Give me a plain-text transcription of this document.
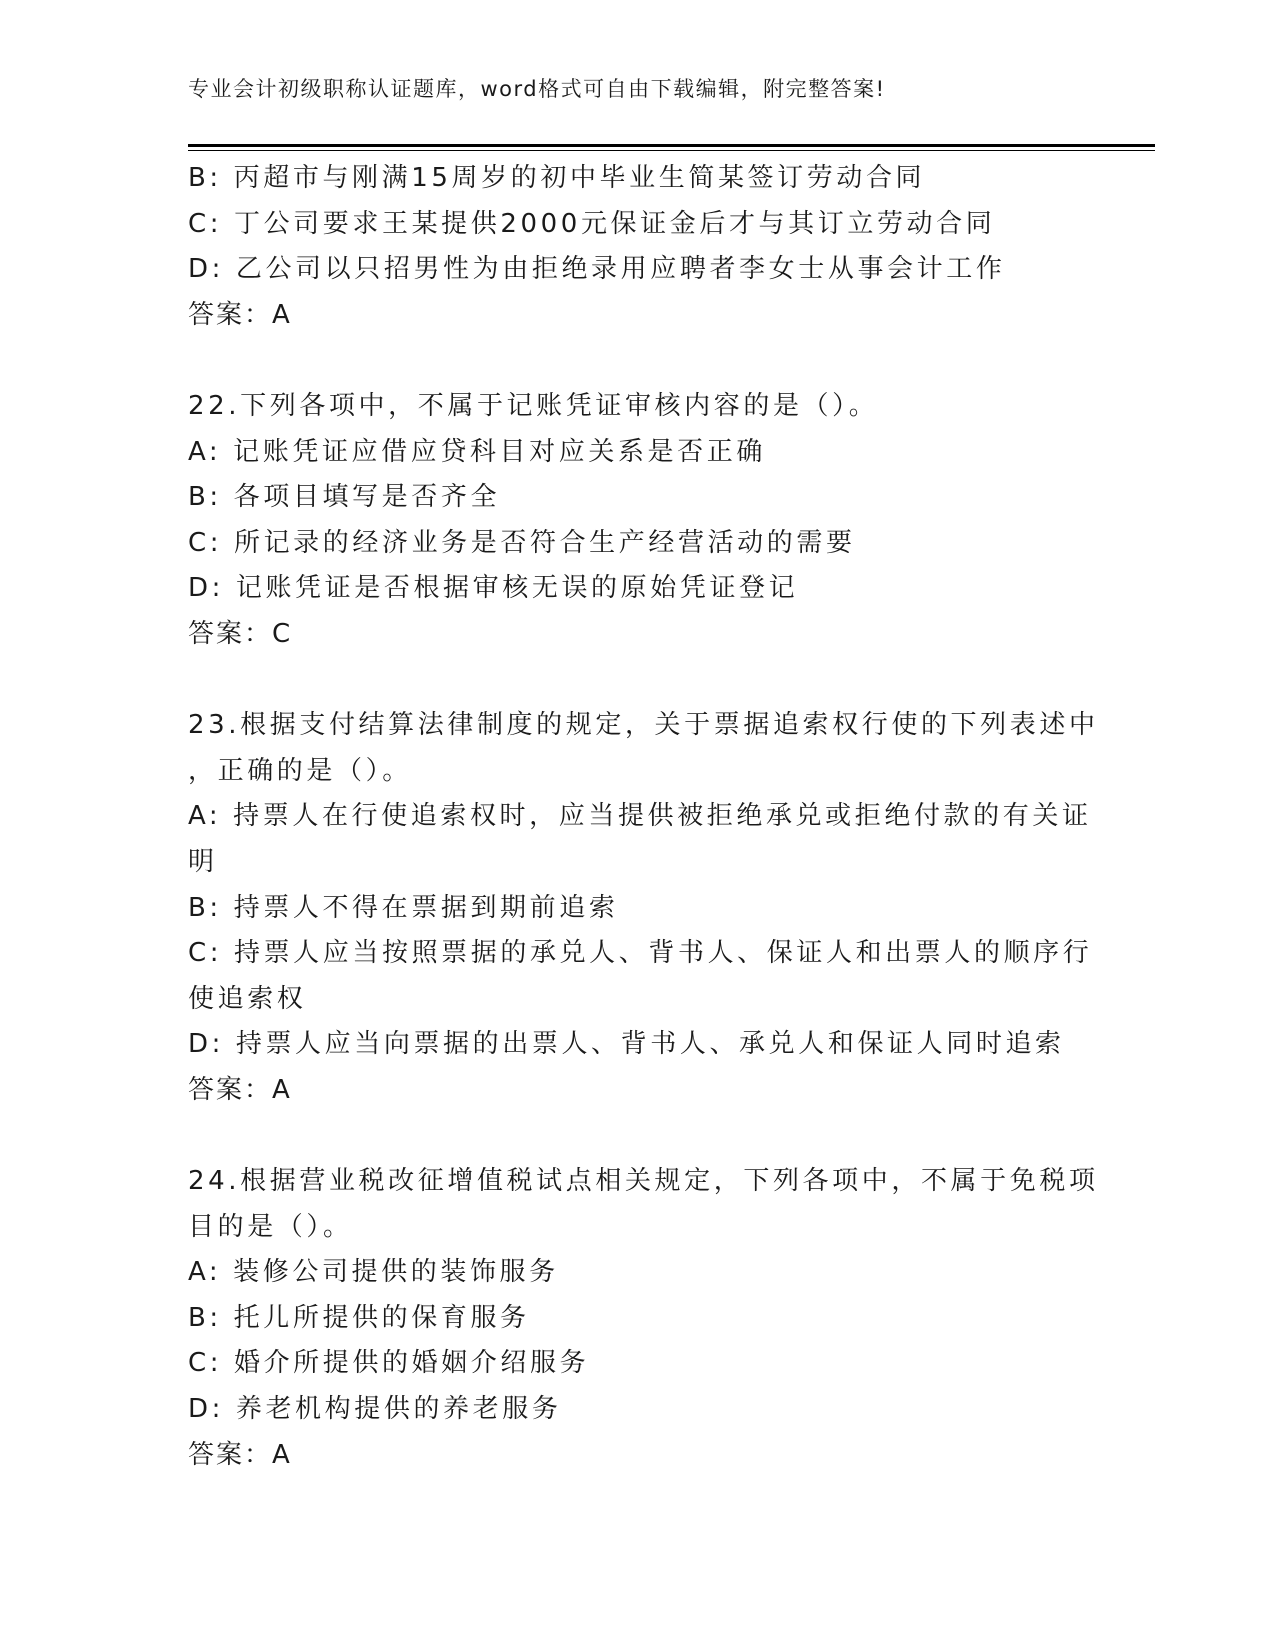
专业会计初级职称认证题库，word格式可自由下载编辑，附完整答案!
B: 丙超市与刚满15周岁的初中毕业生简某签订劳动合同
C: 丁公司要求王某提供2000元保证金后才与其订立劳动合同
D: 乙公司以只招男性为由拒绝录用应聘者李女士从事会计工作
答案：A
22.下列各项中，不属于记账凭证审核内容的是（）。
A: 记账凭证应借应贷科目对应关系是否正确
B: 各项目填写是否齐全
C: 所记录的经济业务是否符合生产经营活动的需要
D: 记账凭证是否根据审核无误的原始凭证登记
答案：C
23.根据支付结算法律制度的规定，关于票据追索权行使的下列表述中
，正确的是（）。
A: 持票人在行使追索权时，应当提供被拒绝承兑或拒绝付款的有关证
明
B: 持票人不得在票据到期前追索
C: 持票人应当按照票据的承兑人、背书人、保证人和出票人的顺序行
使追索权
D: 持票人应当向票据的出票人、背书人、承兑人和保证人同时追索
答案：A
24.根据营业税改征增值税试点相关规定，下列各项中，不属于免税项
目的是（）。
A: 装修公司提供的装饰服务
B: 托儿所提供的保育服务
C: 婚介所提供的婚姻介绍服务
D: 养老机构提供的养老服务
答案：A
